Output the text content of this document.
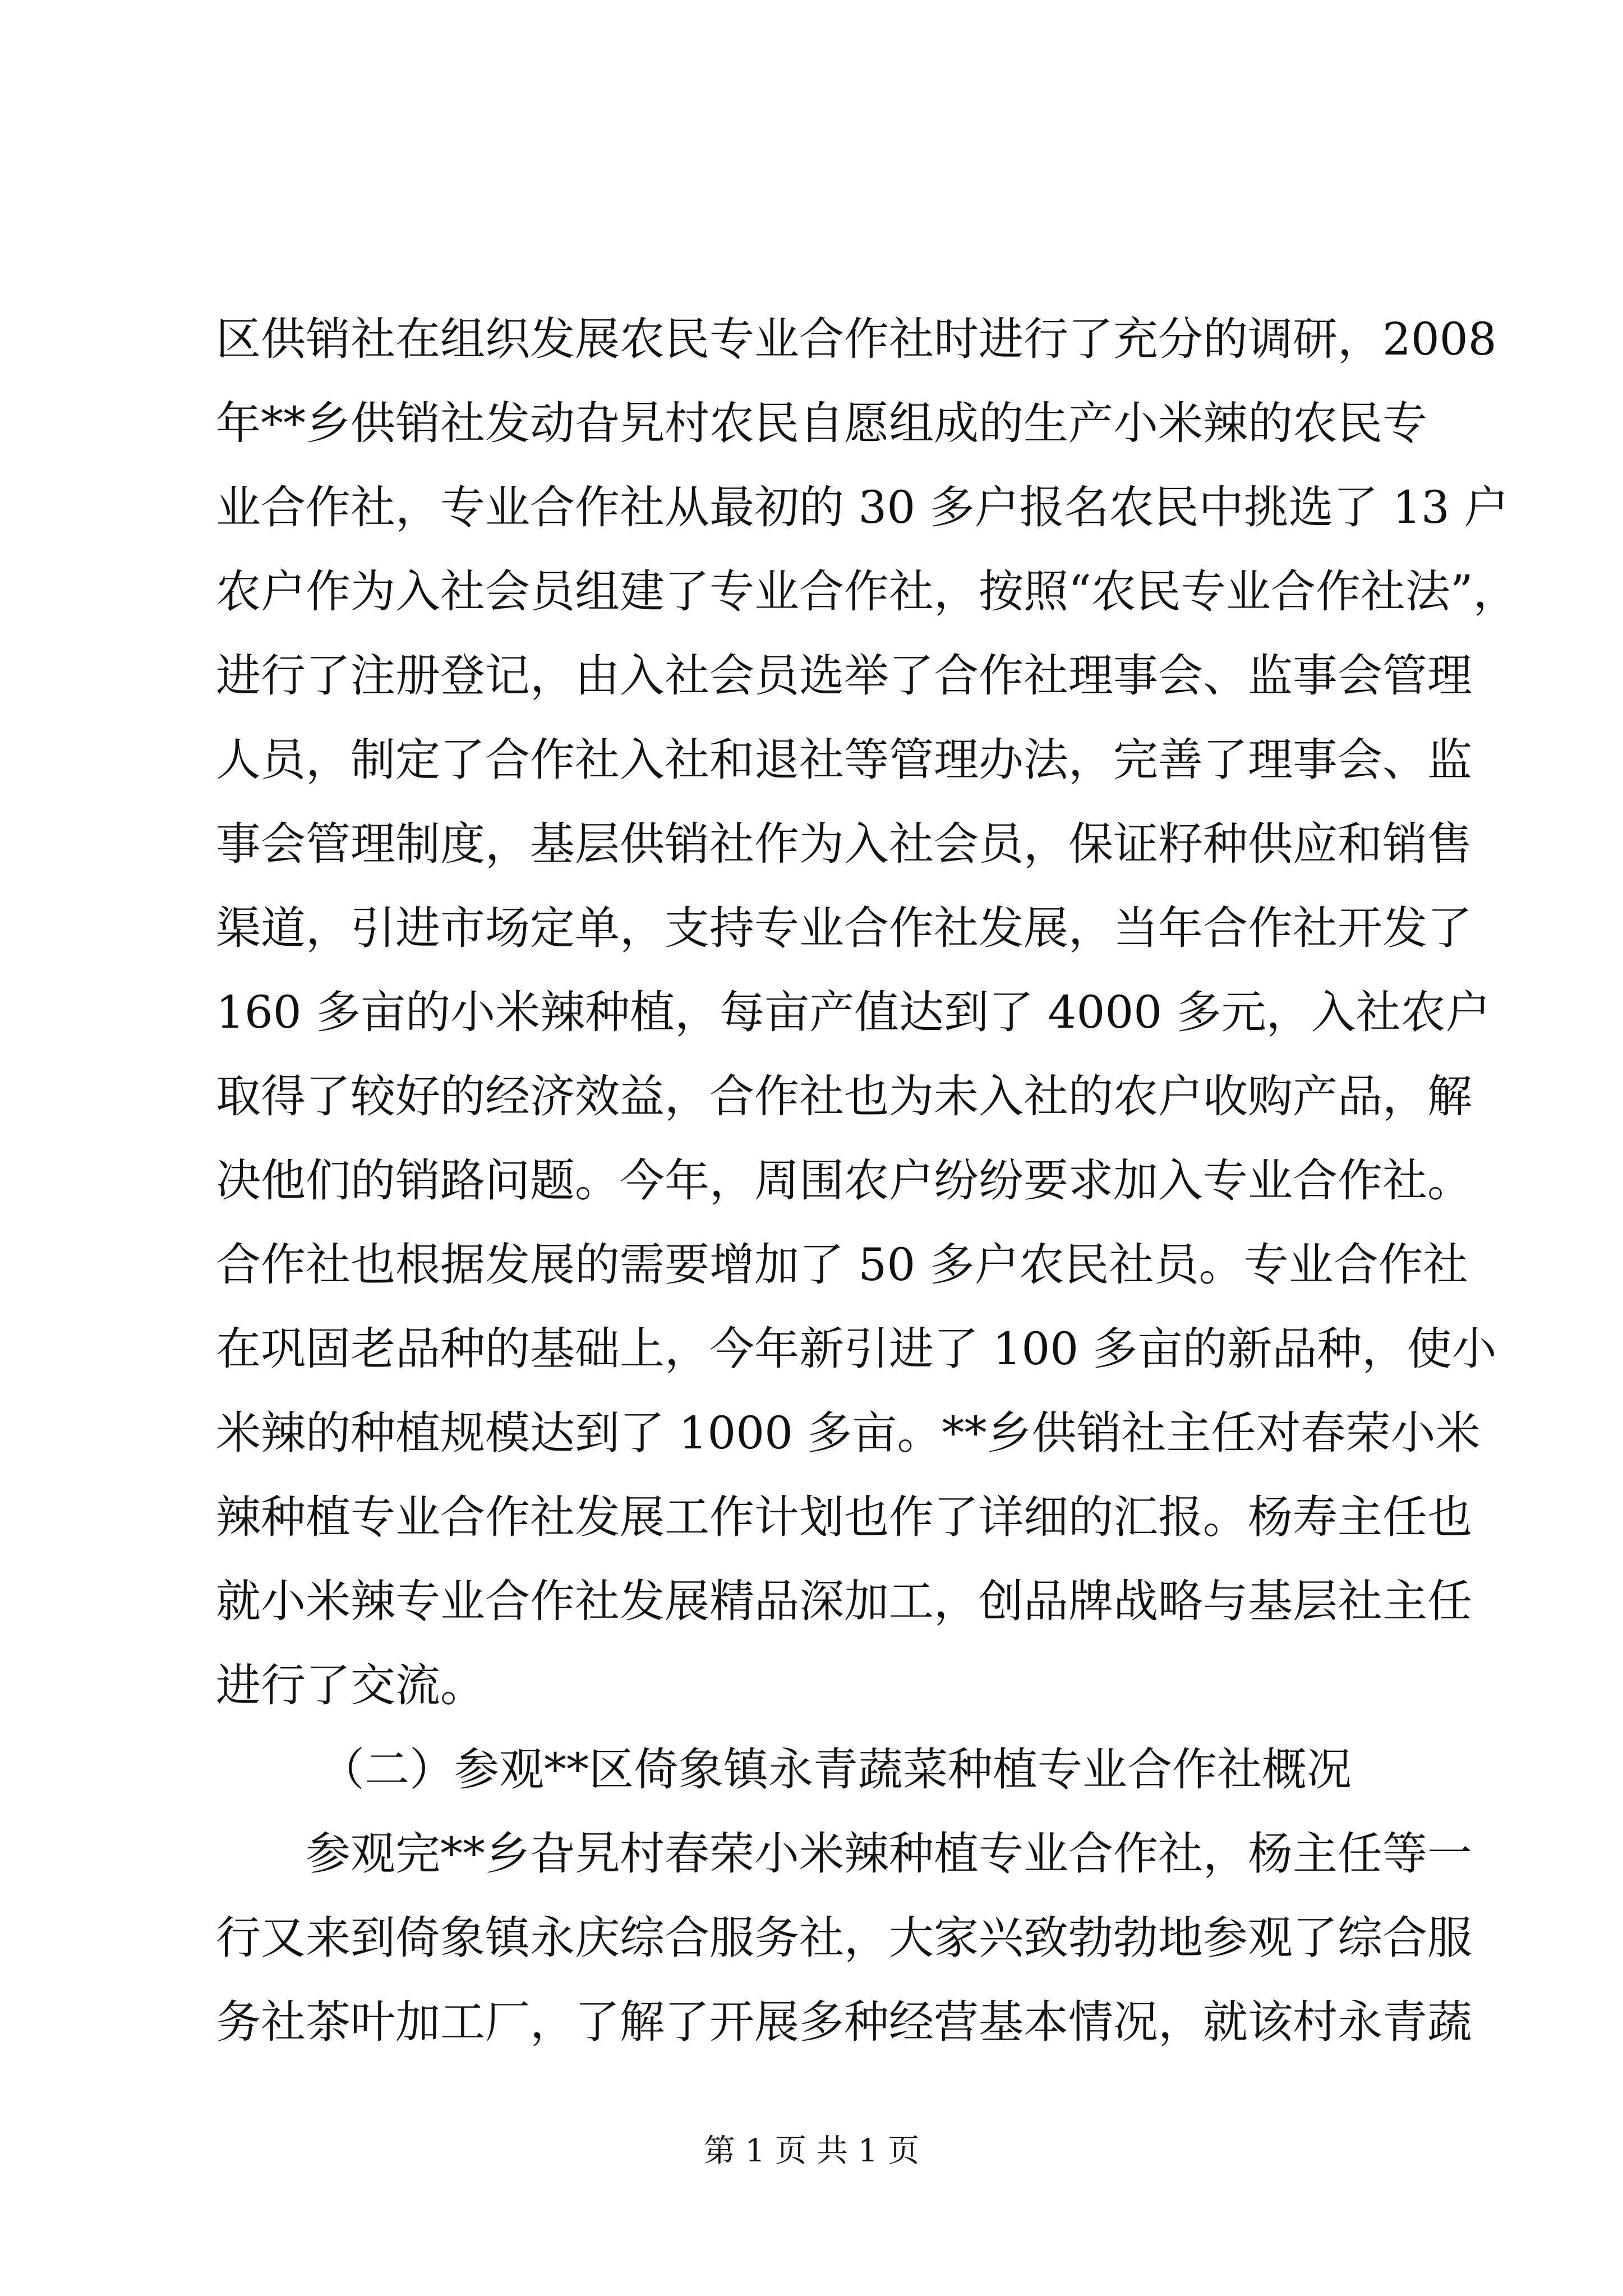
区供销社在组织发展农民专业合作社时进行了充分的调研，2008
年**乡供销社发动旮旯村农民自愿组成的生产小米辣的农民专
业合作社，专业合作社从最初的 30 多户报名农民中挑选了 13 户
农户作为入社会员组建了专业合作社，按照“农民专业合作社法”，
进行了注册登记，由入社会员选举了合作社理事会、监事会管理
人员，制定了合作社入社和退社等管理办法，完善了理事会、监
事会管理制度，基层供销社作为入社会员，保证籽种供应和销售
渠道，引进市场定单，支持专业合作社发展，当年合作社开发了
160 多亩的小米辣种植，每亩产值达到了 4000 多元，入社农户
取得了较好的经济效益，合作社也为未入社的农户收购产品，解
决他们的销路问题。今年，周围农户纷纷要求加入专业合作社。
合作社也根据发展的需要增加了 50 多户农民社员。专业合作社
在巩固老品种的基础上，今年新引进了 100 多亩的新品种，使小
米辣的种植规模达到了 1000 多亩。**乡供销社主任对春荣小米
辣种植专业合作社发展工作计划也作了详细的汇报。杨寿主任也
就小米辣专业合作社发展精品深加工，创品牌战略与基层社主任
进行了交流。
（二）参观**区倚象镇永青蔬菜种植专业合作社概况
参观完**乡旮旯村春荣小米辣种植专业合作社，杨主任等一
行又来到倚象镇永庆综合服务社，大家兴致勃勃地参观了综合服
务社茶叶加工厂，了解了开展多种经营基本情况，就该村永青蔬
第 1 页 共 1 页
